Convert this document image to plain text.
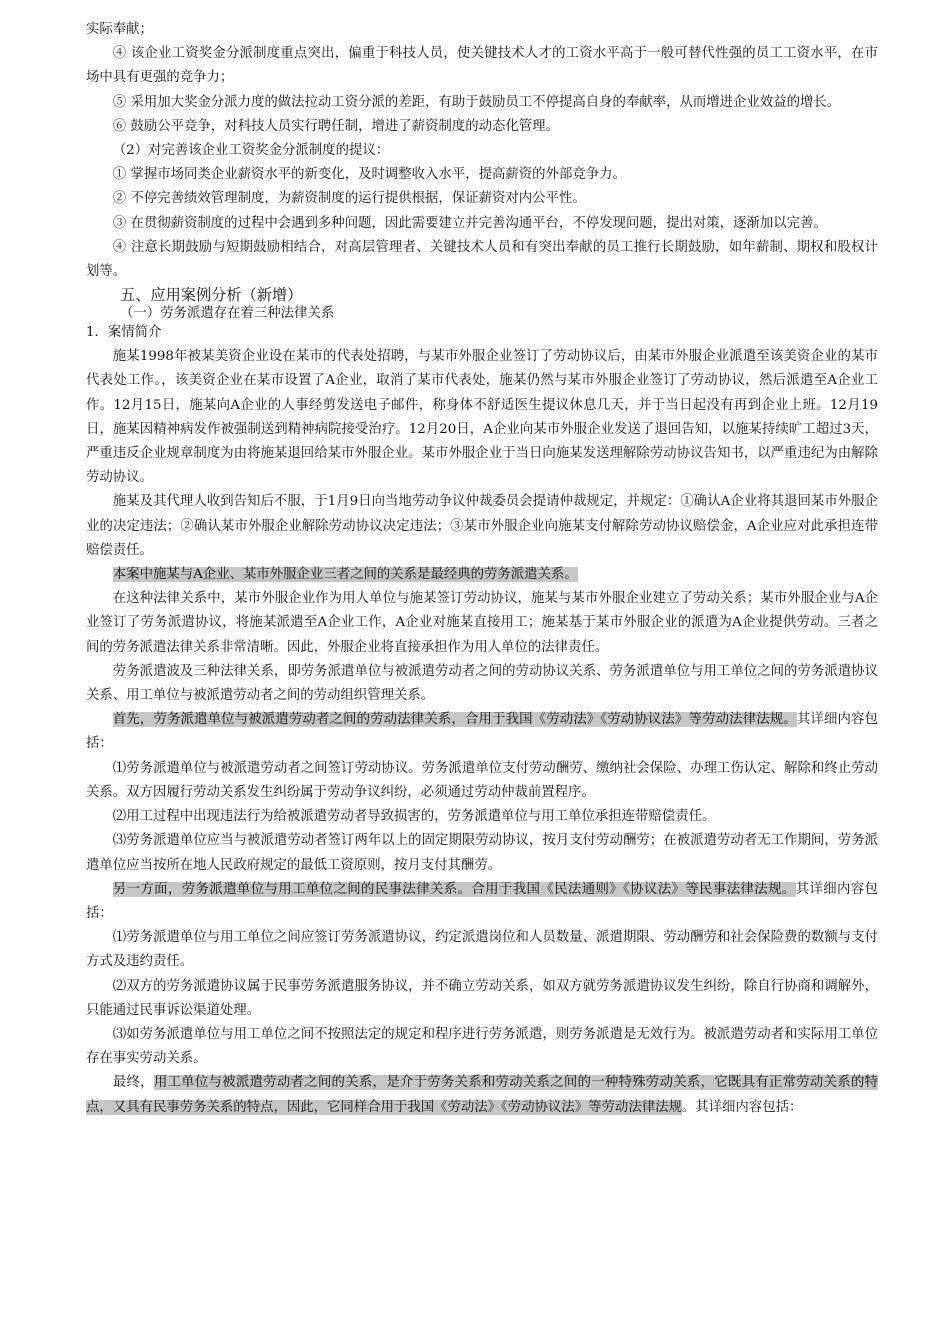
实际奉献；

④ 该企业工资奖金分派制度重点突出，偏重于科技人员，使关键技术人才的工资水平高于一般可替代性强的员工工资水平，在市场中具有更强的竞争力；

⑤ 采用加大奖金分派力度的做法拉动工资分派的差距，有助于鼓励员工不停提高自身的奉献率，从而增进企业效益的增长。

⑥ 鼓励公平竞争，对科技人员实行聘任制，增进了薪资制度的动态化管理。

（2）对完善该企业工资奖金分派制度的提议：

① 掌握市场同类企业薪资水平的新变化，及时调整收入水平，提高薪资的外部竞争力。

② 不停完善绩效管理制度，为薪资制度的运行提供根据，保证薪资对内公平性。

③ 在贯彻薪资制度的过程中会遇到多种问题，因此需要建立并完善沟通平台，不停发现问题，提出对策，逐渐加以完善。

④ 注意长期鼓励与短期鼓励相结合，对高层管理者、关键技术人员和有突出奉献的员工推行长期鼓励，如年薪制、期权和股权计划等。

五、应用案例分析（新增）

（一）劳务派遣存在着三种法律关系

1．案情简介

施某1998年被某美资企业设在某市的代表处招聘，与某市外服企业签订了劳动协议后，由某市外服企业派遣至该美资企业的某市代表处工作。，该美资企业在某市设置了A企业，取消了某市代表处，施某仍然与某市外服企业签订了劳动协议，然后派遣至A企业工作。12月15日，施某向A企业的人事经剪发送电子邮件，称身体不舒适医生提议休息几天，并于当日起没有再到企业上班。12月19日，施某因精神病发作被强制送到精神病院接受治疗。12月20日，A企业向某市外服企业发送了退回告知，以施某持续旷工超过3天，严重违反企业规章制度为由将施某退回给某市外服企业。某市外服企业于当日向施某发送理解除劳动协议告知书，以严重违纪为由解除劳动协议。

施某及其代理人收到告知后不服，于1月9日向当地劳动争议仲裁委员会提请仲裁规定，并规定：①确认A企业将其退回某市外服企业的决定违法；②确认某市外服企业解除劳动协议决定违法；③某市外服企业向施某支付解除劳动协议赔偿金，A企业应对此承担连带赔偿责任。

本案中施某与A企业、某市外服企业三者之间的关系是最经典的劳务派遣关系。

在这种法律关系中，某市外服企业作为用人单位与施某签订劳动协议，施某与某市外服企业建立了劳动关系；某市外服企业与A企业签订了劳务派遣协议，将施某派遣至A企业工作，A企业对施某直接用工；施某基于某市外服企业的派遣为A企业提供劳动。三者之间的劳务派遣法律关系非常清晰。因此，外服企业将直接承担作为用人单位的法律责任。

劳务派遣波及三种法律关系，即劳务派遣单位与被派遣劳动者之间的劳动协议关系、劳务派遣单位与用工单位之间的劳务派遣协议关系、用工单位与被派遣劳动者之间的劳动组织管理关系。

首先，劳务派遣单位与被派遣劳动者之间的劳动法律关系，合用于我国《劳动法》《劳动协议法》等劳动法律法规。其详细内容包括：

⑴劳务派遣单位与被派遣劳动者之间签订劳动协议。劳务派遣单位支付劳动酬劳、缴纳社会保险、办理工伤认定、解除和终止劳动关系。双方因履行劳动关系发生纠纷属于劳动争议纠纷，必须通过劳动仲裁前置程序。

⑵用工过程中出现违法行为给被派遣劳动者导致损害的，劳务派遣单位与用工单位承担连带赔偿责任。

⑶劳务派遣单位应当与被派遣劳动者签订两年以上的固定期限劳动协议，按月支付劳动酬劳；在被派遣劳动者无工作期间，劳务派遣单位应当按所在地人民政府规定的最低工资原则，按月支付其酬劳。

另一方面，劳务派遣单位与用工单位之间的民事法律关系。合用于我国《民法通则》《协议法》等民事法律法规。其详细内容包括：

⑴劳务派遣单位与用工单位之间应签订劳务派遣协议，约定派遣岗位和人员数量、派遣期限、劳动酬劳和社会保险费的数额与支付方式及违约责任。

⑵双方的劳务派遣协议属于民事劳务派遣服务协议，并不确立劳动关系，如双方就劳务派遣协议发生纠纷，除自行协商和调解外，只能通过民事诉讼渠道处理。

⑶如劳务派遣单位与用工单位之间不按照法定的规定和程序进行劳务派遣，则劳务派遣是无效行为。被派遣劳动者和实际用工单位存在事实劳动关系。

最终，用工单位与被派遣劳动者之间的关系，是介于劳务关系和劳动关系之间的一种特殊劳动关系，它既具有正常劳动关系的特点，又具有民事劳务关系的特点，因此，它同样合用于我国《劳动法》《劳动协议法》等劳动法律法规。其详细内容包括：
